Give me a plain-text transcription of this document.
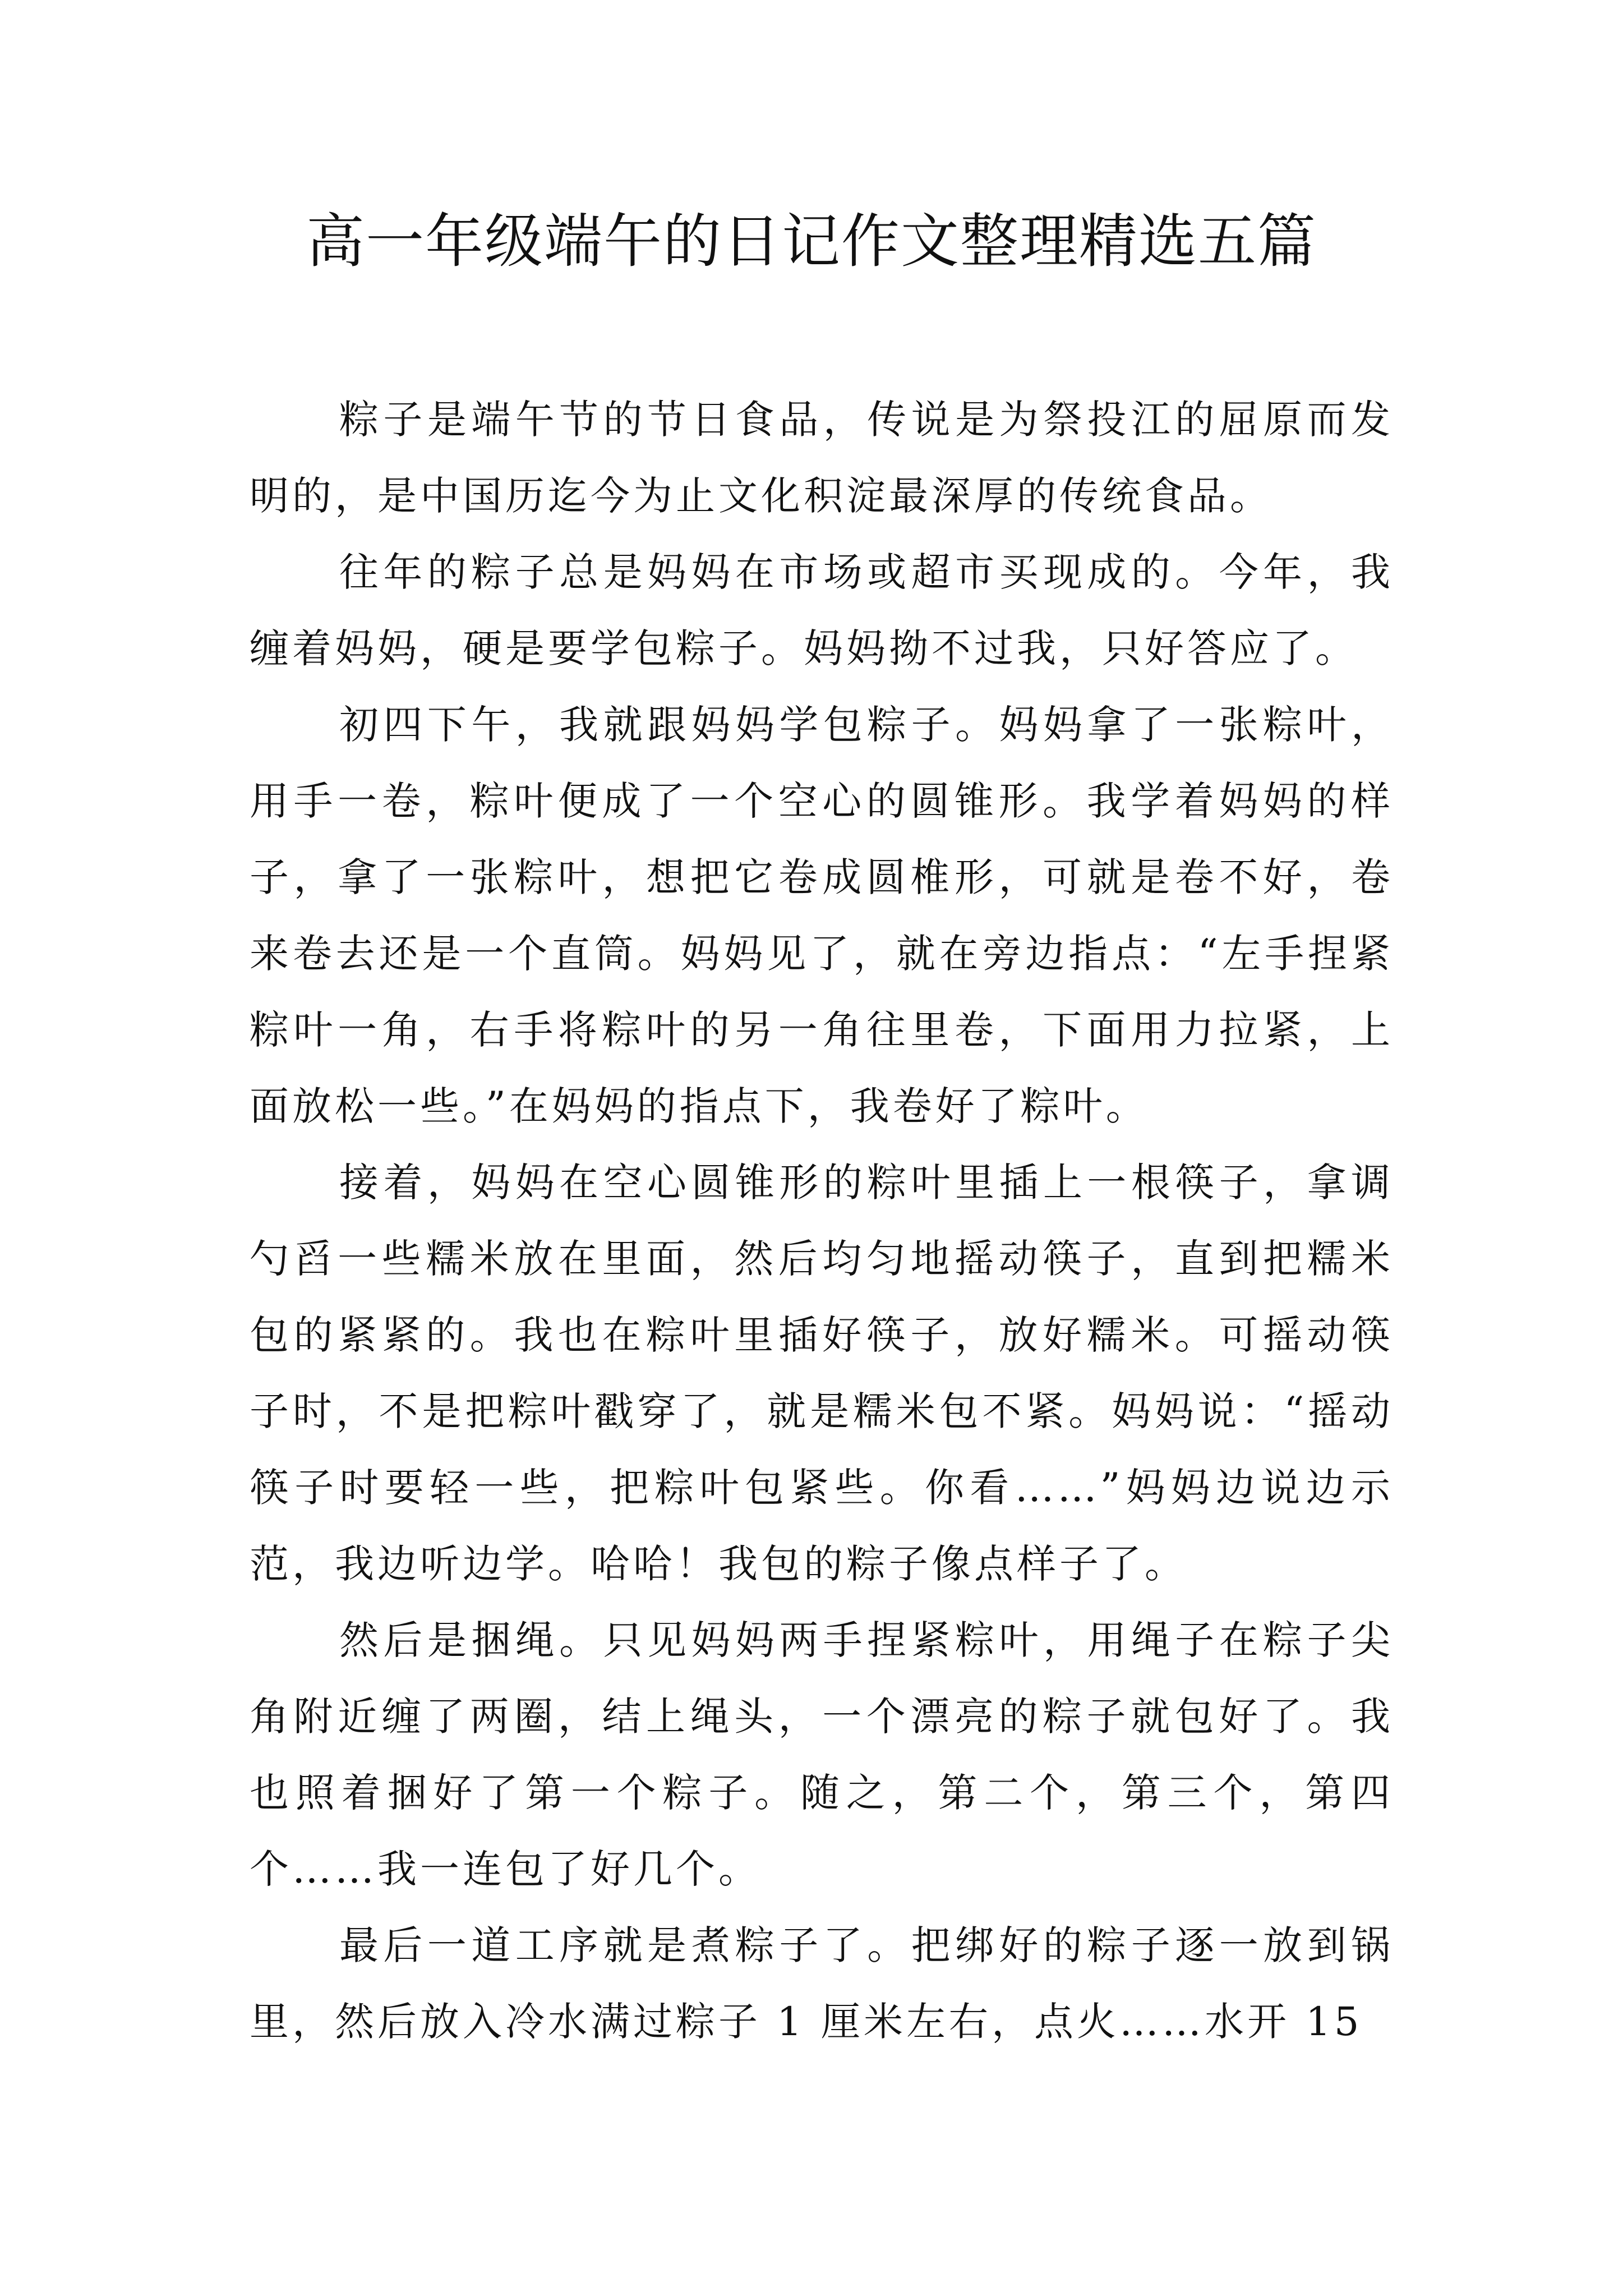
高一年级端午的日记作文整理精选五篇

粽子是端午节的节日食品，传说是为祭投江的屈原而发明的，是中国历迄今为止文化积淀最深厚的传统食品。

往年的粽子总是妈妈在市场或超市买现成的。今年，我缠着妈妈，硬是要学包粽子。妈妈拗不过我，只好答应了。

初四下午，我就跟妈妈学包粽子。妈妈拿了一张粽叶，用手一卷，粽叶便成了一个空心的圆锥形。我学着妈妈的样子，拿了一张粽叶，想把它卷成圆椎形，可就是卷不好，卷来卷去还是一个直筒。妈妈见了，就在旁边指点：“左手捏紧粽叶一角，右手将粽叶的另一角往里卷，下面用力拉紧，上面放松一些。”在妈妈的指点下，我卷好了粽叶。

接着，妈妈在空心圆锥形的粽叶里插上一根筷子，拿调勺舀一些糯米放在里面，然后均匀地摇动筷子，直到把糯米包的紧紧的。我也在粽叶里插好筷子，放好糯米。可摇动筷子时，不是把粽叶戳穿了，就是糯米包不紧。妈妈说：“摇动筷子时要轻一些，把粽叶包紧些。你看……”妈妈边说边示范，我边听边学。哈哈！我包的粽子像点样子了。

然后是捆绳。只见妈妈两手捏紧粽叶，用绳子在粽子尖角附近缠了两圈，结上绳头，一个漂亮的粽子就包好了。我也照着捆好了第一个粽子。随之，第二个，第三个，第四个……我一连包了好几个。

最后一道工序就是煮粽子了。把绑好的粽子逐一放到锅里，然后放入冷水满过粽子 1 厘米左右，点火……水开 15
